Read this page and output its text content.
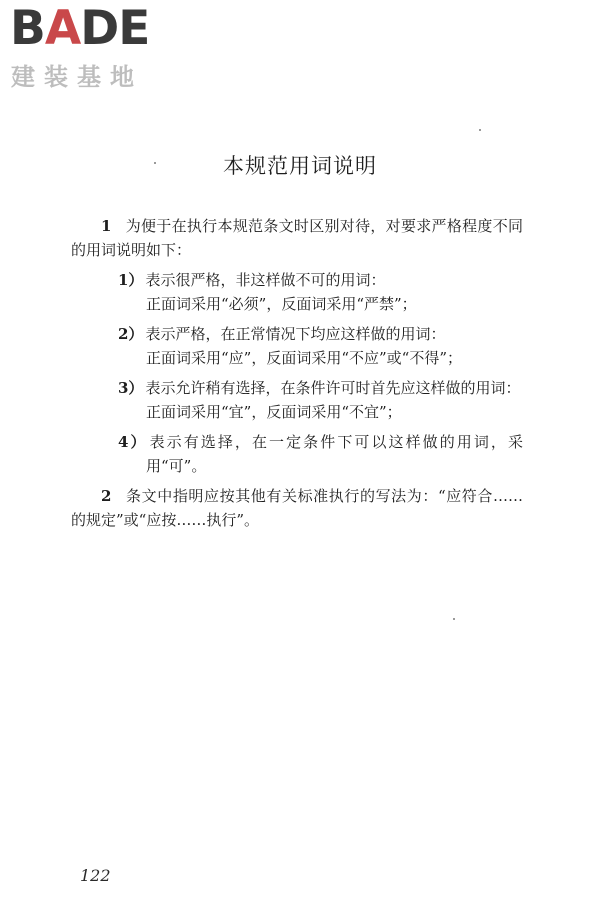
BADE
建装基地
本规范用词说明

1 为便于在执行本规范条文时区别对待，对要求严格程度不同的用词说明如下：

1） 表示很严格，非这样做不可的用词：

正面词采用“必须”，反面词采用“严禁”；

2） 表示严格，在正常情况下均应这样做的用词：

正面词采用“应”，反面词采用“不应”或“不得”；

3） 表示允许稍有选择，在条件许可时首先应这样做的用词：

正面词采用“宜”，反面词采用“不宜”；

4） 表示有选择，在一定条件下可以这样做的用词，采用“可”。

2 条文中指明应按其他有关标准执行的写法为：“应符合……的规定”或“应按……执行”。

122
